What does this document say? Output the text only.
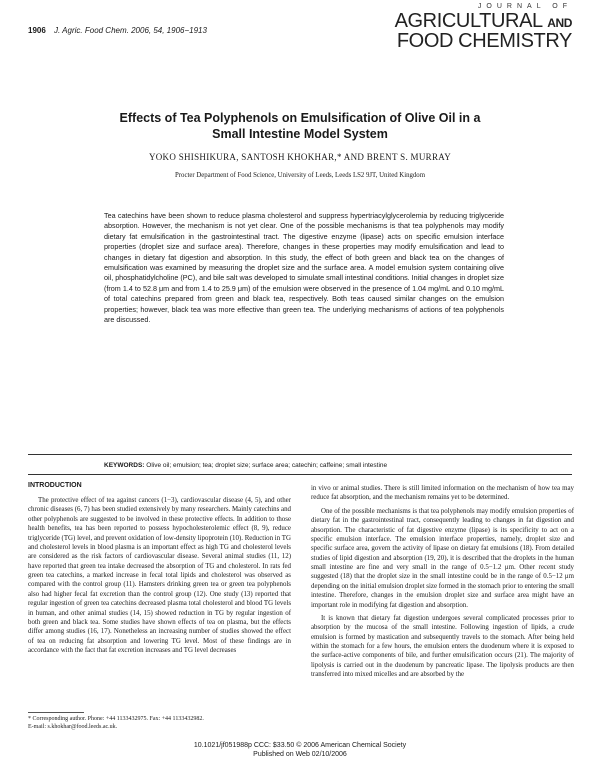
1906 J. Agric. Food Chem. 2006, 54, 1906−1913
JOURNAL OF
AGRICULTURAL AND
FOOD CHEMISTRY
Effects of Tea Polyphenols on Emulsification of Olive Oil in a
Small Intestine Model System
YOKO SHISHIKURA, SANTOSH KHOKHAR,* AND BRENT S. MURRAY
Procter Department of Food Science, University of Leeds, Leeds LS2 9JT, United Kingdom
Tea catechins have been shown to reduce plasma cholesterol and suppress hypertriacylglycerolemia by reducing triglyceride absorption. However, the mechanism is not yet clear. One of the possible mechanisms is that tea polyphenols may modify dietary fat emulsification in the gastrointestinal tract. The digestive enzyme (lipase) acts on specific emulsion interface properties (droplet size and surface area). Therefore, changes in these properties may modify emulsification and lead to changes in dietary fat digestion and absorption. In this study, the effect of both green and black tea on the changes of emulsification was examined by measuring the droplet size and the surface area. A model emulsion system containing olive oil, phosphatidylcholine (PC), and bile salt was developed to simulate small intestinal conditions. Initial changes in droplet size (from 1.4 to 52.8 μm and from 1.4 to 25.9 μm) of the emulsion were observed in the presence of 1.04 mg/mL and 0.10 mg/mL of total catechins prepared from green and black tea, respectively. Both teas caused similar changes on the emulsion properties; however, black tea was more effective than green tea. The underlying mechanisms of actions of tea polyphenols are discussed.
KEYWORDS: Olive oil; emulsion; tea; droplet size; surface area; catechin; caffeine; small intestine
INTRODUCTION

The protective effect of tea against cancers (1−3), cardiovascular disease (4, 5), and other chronic diseases (6, 7) has been studied extensively by many researchers. Mainly catechins and other polyphenols are suggested to be involved in these protective effects. In addition to those health benefits, tea has been reported to possess hypocholesterolemic effect (8, 9), reduce triglyceride (TG) level, and prevent oxidation of low-density lipoprotein (10). Reduction in TG and cholesterol levels in blood plasma is an important effect as high TG and cholesterol levels are considered as the risk factors of cardiovascular disease. Several animal studies (11, 12) have reported that green tea intake decreased the absorption of TG and cholesterol. In rats fed green tea catechins, a marked increase in fecal total lipids and cholesterol was observed as compared with the control group (11). Hamsters drinking green tea or green tea polyphenols also had higher fecal fat excretion than the control group (12). One study (13) reported that regular ingestion of green tea catechins decreased plasma total cholesterol and blood TG levels in human, and other animal studies (14, 15) showed reduction in TG by regular ingestion of both green and black tea. Some studies have shown effects of tea on plasma, but the effects differ among studies (16, 17). Nonetheless an increasing number of studies showed the effect of tea on reducing fat absorption and lowering TG level. Most of these findings are in accordance with the fact that fat excretion increases and TG level decreases

in vivo or animal studies. There is still limited information on the mechanism of how tea may reduce fat absorption, and the mechanism remains yet to be determined.

One of the possible mechanisms is that tea polyphenols may modify emulsion properties of dietary fat in the gastrointestinal tract, consequently leading to changes in fat digestion and absorption. The characteristic of fat digestive enzyme (lipase) is its specificity to act on a specific emulsion interface. The emulsion interface properties, namely, droplet size and specific surface area, govern the activity of lipase on dietary fat emulsions (18). From detailed studies of lipid digestion and absorption (19, 20), it is described that the droplets in the human small intestine are fine and very small in the range of 0.5−1.2 μm. Other recent study suggested (18) that the droplet size in the small intestine could be in the range of 0.5−12 μm depending on the initial emulsion droplet size formed in the stomach prior to entering the small intestine. Therefore, changes in the emulsion droplet size and surface area might have an important role in modifying fat digestion and absorption.

It is known that dietary fat digestion undergoes several complicated processes prior to absorption by the mucosa of the small intestine. Following ingestion of lipids, a crude emulsion is formed by mastication and subsequently travels to the stomach. After being held within the stomach for a few hours, the emulsion enters the duodenum where it is exposed to the surface-active components of bile, and further emulsification occurs (21). The majority of lipolysis is carried out in the duodenum by pancreatic lipase. The lipolysis products are then transferred into mixed micelles and are absorbed by the

* Corresponding author. Phone: +44 1133432975. Fax: +44 1133432982.
E-mail: s.khokhar@food.leeds.ac.uk.
10.1021/jf051988p CCC: $33.50 © 2006 American Chemical Society
Published on Web 02/10/2006
